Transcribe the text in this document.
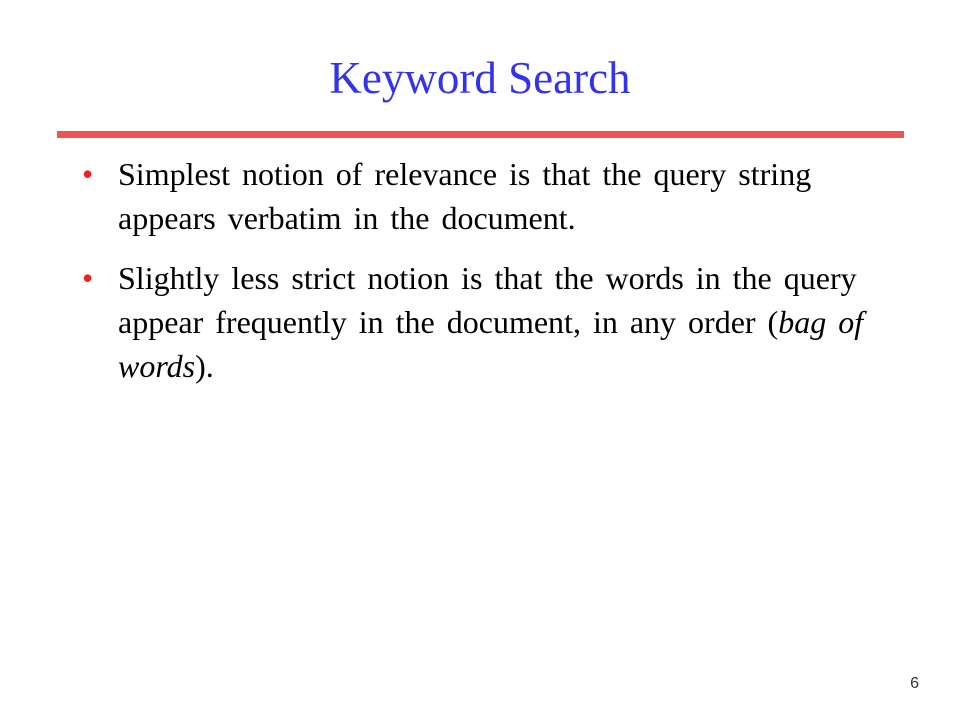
Keyword Search
• Simplest notion of relevance is that the query string appears verbatim in the document.
• Slightly less strict notion is that the words in the query appear frequently in the document, in any order (bag of words).
6
